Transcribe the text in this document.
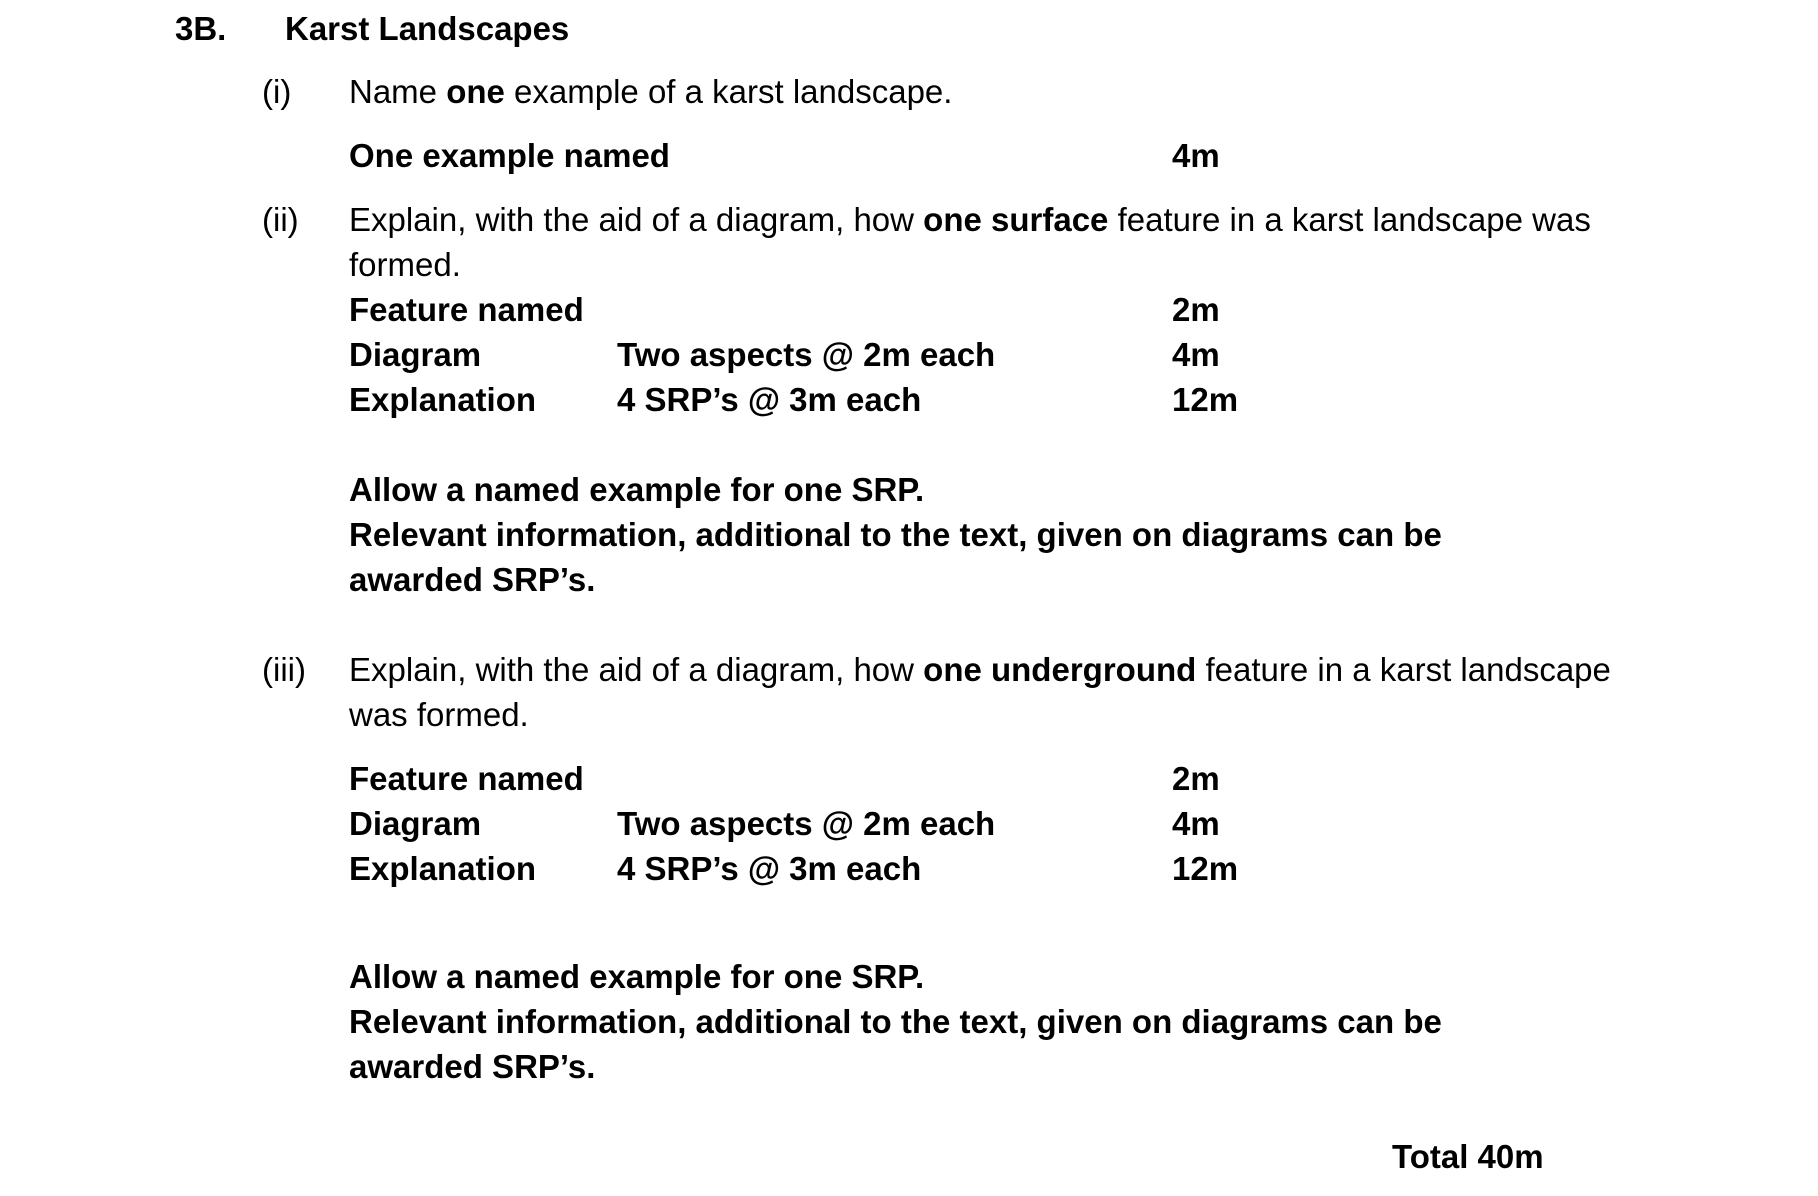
3B. Karst Landscapes
(i) Name one example of a karst landscape.
One example named	4m
(ii) Explain, with the aid of a diagram, how one surface feature in a karst landscape was
formed.
Feature named	2m
Diagram	Two aspects @ 2m each	4m
Explanation 4 SRP’s @ 3m each	12m
Allow a named example for one SRP.
Relevant information, additional to the text, given on diagrams can be
awarded SRP’s.
(iii) Explain, with the aid of a diagram, how one underground feature in a karst landscape
was formed.
Feature named	2m
Diagram	Two aspects @ 2m each	4m
Explanation 4 SRP’s @ 3m each	12m
Allow a named example for one SRP.
Relevant information, additional to the text, given on diagrams can be
awarded SRP’s.
Total 40m
